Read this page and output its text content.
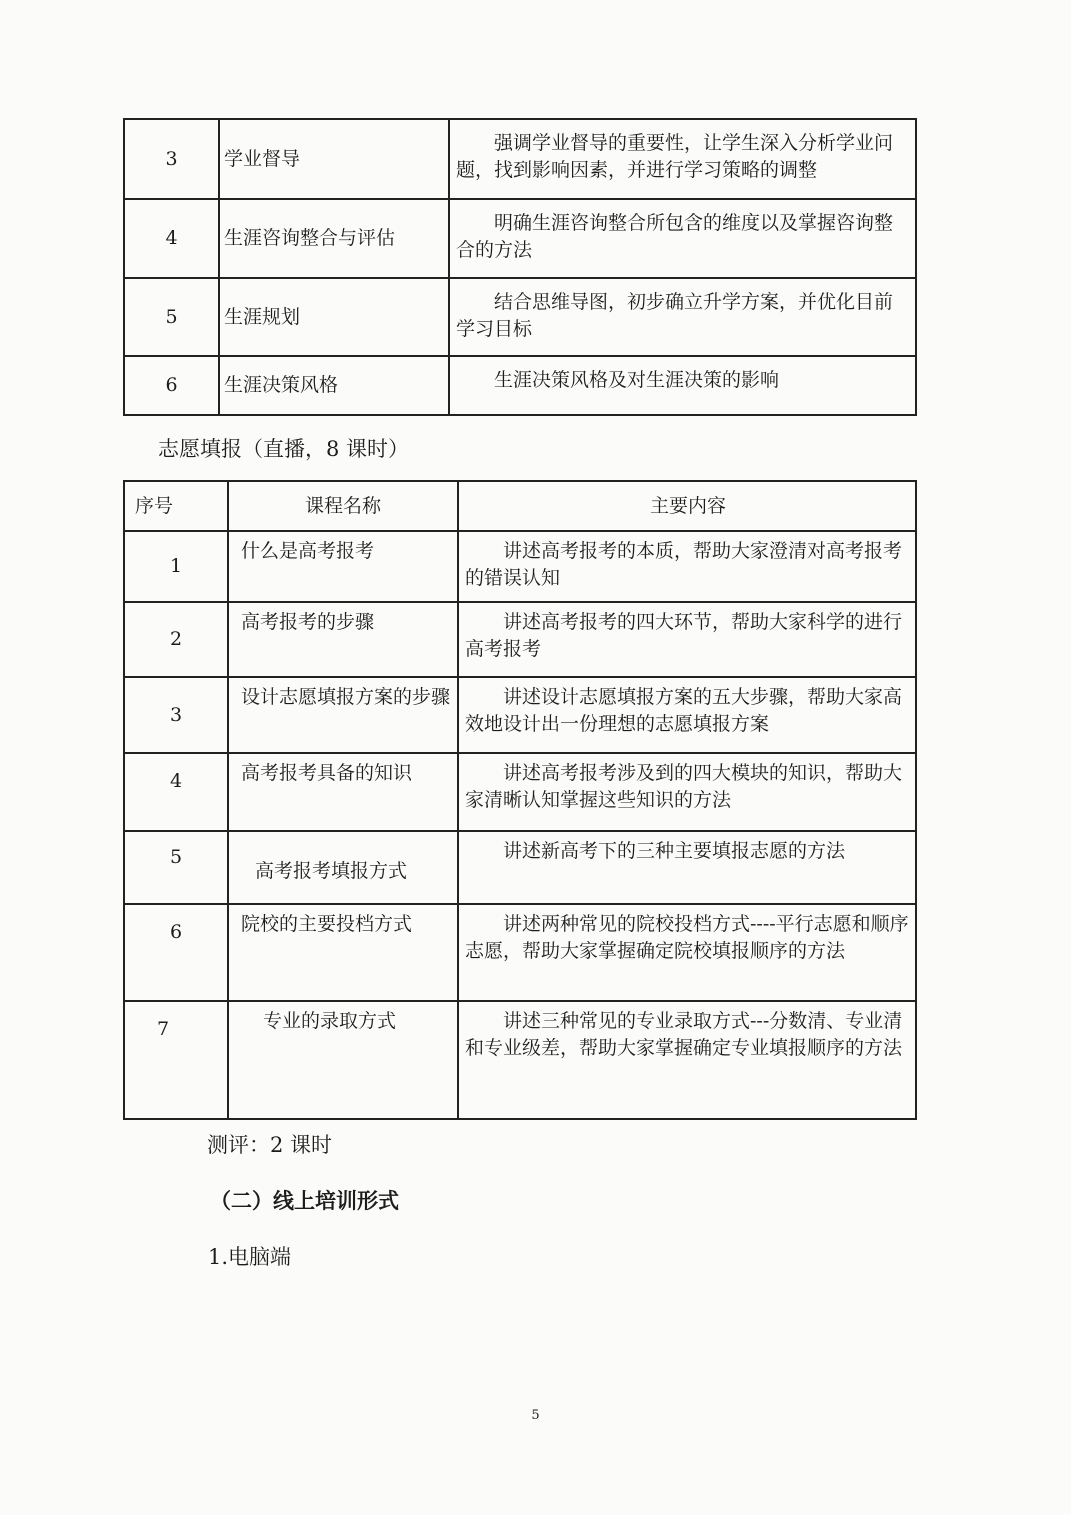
3	学业督导	强调学业督导的重要性，让学生深入分析学业问题，找到影响因素，并进行学习策略的调整
4	生涯咨询整合与评估	明确生涯咨询整合所包含的维度以及掌握咨询整合的方法
5	生涯规划	结合思维导图，初步确立升学方案，并优化目前学习目标
6	生涯决策风格	生涯决策风格及对生涯决策的影响
志愿填报（直播，8 课时）
序号	课程名称	主要内容
1	什么是高考报考	讲述高考报考的本质，帮助大家澄清对高考报考的错误认知
2	高考报考的步骤	讲述高考报考的四大环节，帮助大家科学的进行高考报考
3	设计志愿填报方案的步骤	讲述设计志愿填报方案的五大步骤，帮助大家高效地设计出一份理想的志愿填报方案
4	高考报考具备的知识	讲述高考报考涉及到的四大模块的知识，帮助大家清晰认知掌握这些知识的方法
5	高考报考填报方式	讲述新高考下的三种主要填报志愿的方法
6	院校的主要投档方式	讲述两种常见的院校投档方式----平行志愿和顺序志愿，帮助大家掌握确定院校填报顺序的方法
7	专业的录取方式	讲述三种常见的专业录取方式---分数清、专业清和专业级差，帮助大家掌握确定专业填报顺序的方法
测评：2 课时
（二）线上培训形式
1.电脑端
5
